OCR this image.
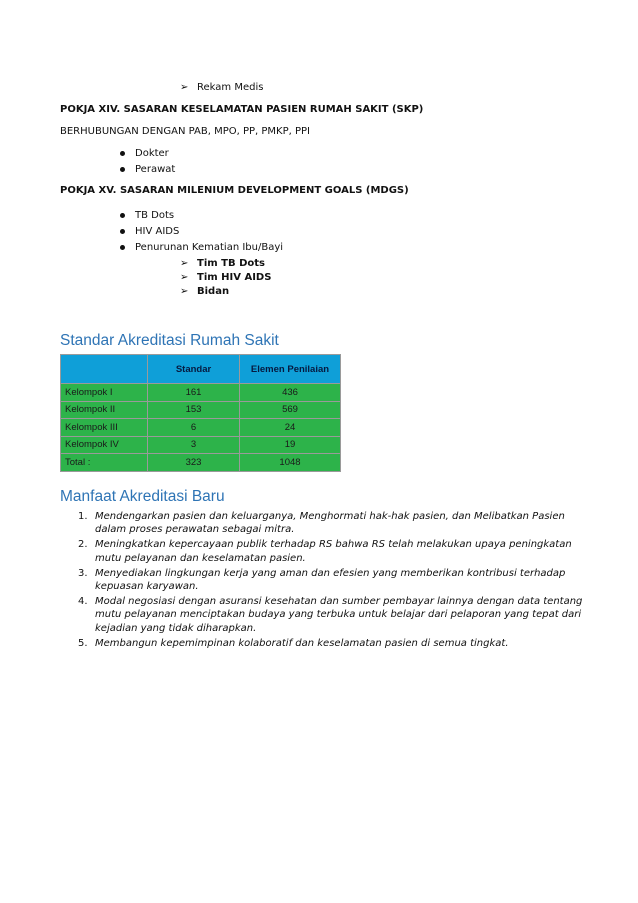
➢ Rekam Medis
POKJA XIV. SASARAN KESELAMATAN PASIEN RUMAH SAKIT (SKP)
BERHUBUNGAN DENGAN PAB, MPO, PP, PMKP, PPI
Dokter
Perawat
POKJA XV. SASARAN MILENIUM DEVELOPMENT GOALS (MDGS)
TB Dots
HIV AIDS
Penurunan Kematian Ibu/Bayi
➢ Tim TB Dots
➢ Tim HIV AIDS
➢ Bidan
Standar Akreditasi Rumah Sakit
	Standar	Elemen Penilaian
Kelompok I	161	436
Kelompok II	153	569
Kelompok III	6	24
Kelompok IV	3	19
Total :	323	1048
Manfaat Akreditasi Baru
1. Mendengarkan pasien dan keluarganya, Menghormati hak-hak pasien, dan Melibatkan Pasien dalam proses perawatan sebagai mitra.
2. Meningkatkan kepercayaan publik terhadap RS bahwa RS telah melakukan upaya peningkatan mutu pelayanan dan keselamatan pasien.
3. Menyediakan lingkungan kerja yang aman dan efesien yang memberikan kontribusi terhadap kepuasan karyawan.
4. Modal negosiasi dengan asuransi kesehatan dan sumber pembayar lainnya dengan data tentang mutu pelayanan menciptakan budaya yang terbuka untuk belajar dari pelaporan yang tepat dari kejadian yang tidak diharapkan.
5. Membangun kepemimpinan kolaboratif dan keselamatan pasien di semua tingkat.
